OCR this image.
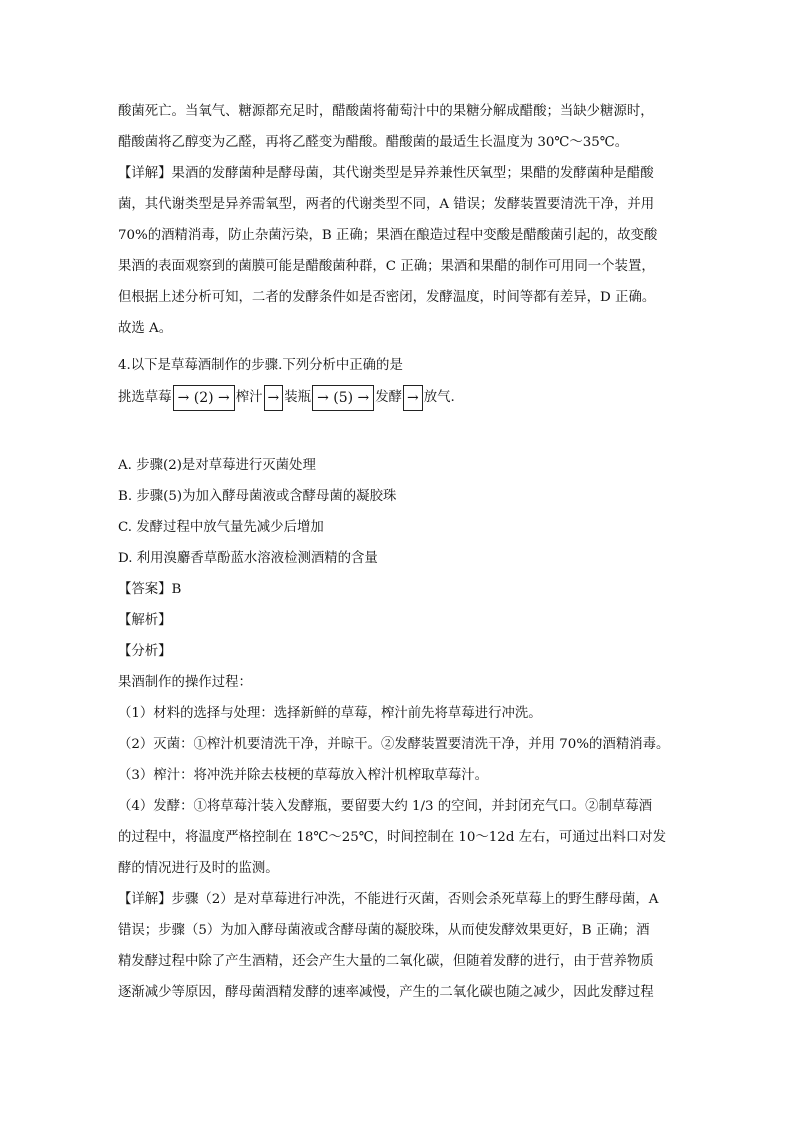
酸菌死亡。当氧气、糖源都充足时，醋酸菌将葡萄汁中的果糖分解成醋酸；当缺少糖源时，
醋酸菌将乙醇变为乙醛，再将乙醛变为醋酸。醋酸菌的最适生长温度为 30℃～35℃。
【详解】果酒的发酵菌种是酵母菌，其代谢类型是异养兼性厌氧型；果醋的发酵菌种是醋酸
菌，其代谢类型是异养需氧型，两者的代谢类型不同，A 错误；发酵装置要清洗干净，并用
70%的酒精消毒，防止杂菌污染，B 正确；果酒在酿造过程中变酸是醋酸菌引起的，故变酸
果酒的表面观察到的菌膜可能是醋酸菌种群，C 正确；果酒和果醋的制作可用同一个装置，
但根据上述分析可知，二者的发酵条件如是否密闭，发酵温度，时间等都有差异，D 正确。
故选 A。
4.以下是草莓酒制作的步骤.下列分析中正确的是
挑选草莓 → (2) → 榨汁 → 装瓶 → (5) → 发酵 → 放气.
A. 步骤(2)是对草莓进行灭菌处理
B. 步骤(5)为加入酵母菌液或含酵母菌的凝胶珠
C. 发酵过程中放气量先减少后增加
D. 利用溴麝香草酚蓝水溶液检测酒精的含量
【答案】B
【解析】
【分析】
果酒制作的操作过程：
（1）材料的选择与处理：选择新鲜的草莓，榨汁前先将草莓进行冲洗。
（2）灭菌：①榨汁机要清洗干净，并晾干。②发酵装置要清洗干净，并用 70%的酒精消毒。
（3）榨汁：将冲洗并除去枝梗的草莓放入榨汁机榨取草莓汁。
（4）发酵：①将草莓汁装入发酵瓶，要留要大约 1/3 的空间，并封闭充气口。②制草莓酒
的过程中，将温度严格控制在 18℃～25℃，时间控制在 10～12d 左右，可通过出料口对发
酵的情况进行及时的监测。
【详解】步骤（2）是对草莓进行冲洗，不能进行灭菌，否则会杀死草莓上的野生酵母菌，A
错误；步骤（5）为加入酵母菌液或含酵母菌的凝胶珠，从而使发酵效果更好，B 正确；酒
精发酵过程中除了产生酒精，还会产生大量的二氧化碳，但随着发酵的进行，由于营养物质
逐渐减少等原因，酵母菌酒精发酵的速率减慢，产生的二氧化碳也随之减少，因此发酵过程
